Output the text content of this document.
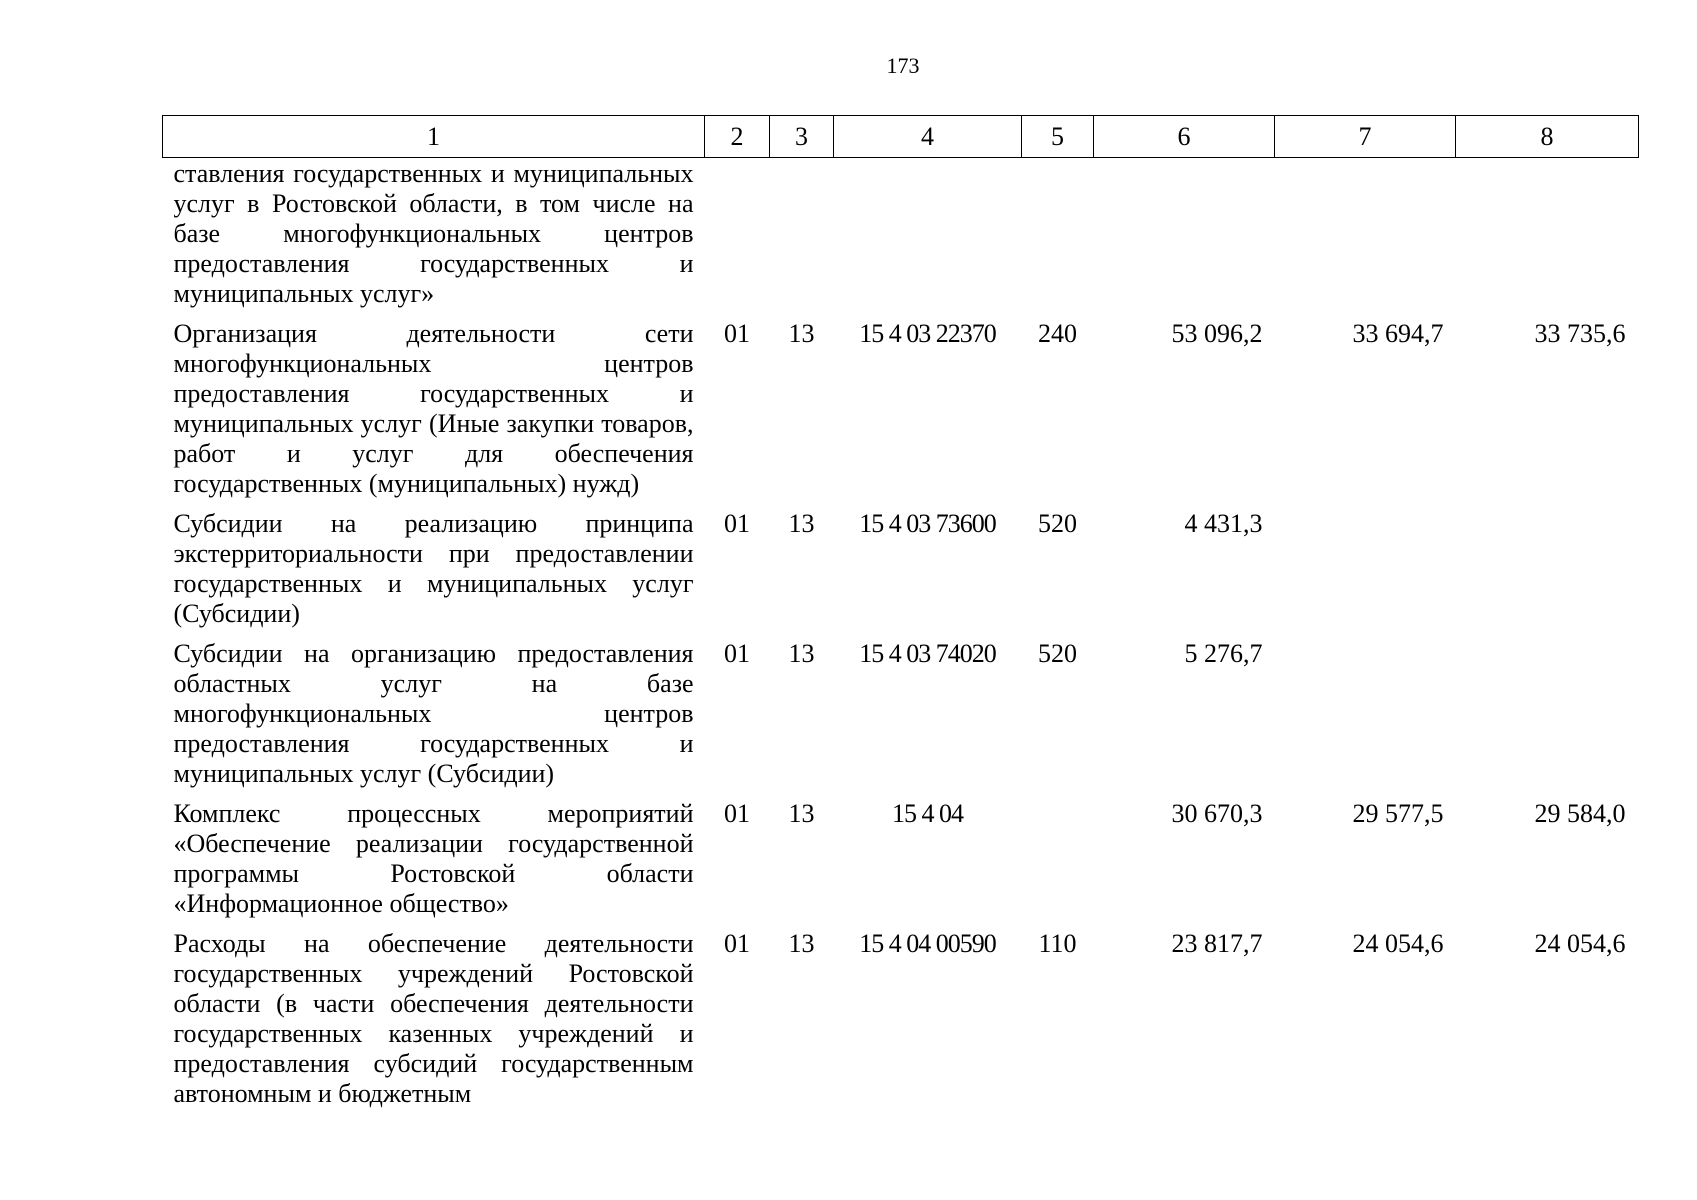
173
1	2	3	4	5	6	7	8
ставления государственных и муниципальных услуг в Ростовской области, в том числе на базе многофункциональных центров предоставления государственных и муниципальных услуг»							
Организация деятельности сети многофункциональных центров предоставления государственных и муниципальных услуг (Иные закупки товаров, работ и услуг для обеспечения государственных (муниципальных) нужд)	01	13	15 4 03 22370	240	53 096,2	33 694,7	33 735,6
Субсидии на реализацию принципа экстерриториальности при предоставлении государственных и муниципальных услуг (Субсидии)	01	13	15 4 03 73600	520	4 431,3		
Субсидии на организацию предоставления областных услуг на базе многофункциональных центров предоставления государственных и муниципальных услуг (Субсидии)	01	13	15 4 03 74020	520	5 276,7		
Комплекс процессных мероприятий «Обеспечение реализации государственной программы Ростовской области «Информационное общество»	01	13	15 4 04		30 670,3	29 577,5	29 584,0
Расходы на обеспечение деятельности государственных учреждений Ростовской области (в части обеспечения деятельности государственных казенных учреждений и предоставления субсидий государственным автономным и бюджетным	01	13	15 4 04 00590	110	23 817,7	24 054,6	24 054,6
